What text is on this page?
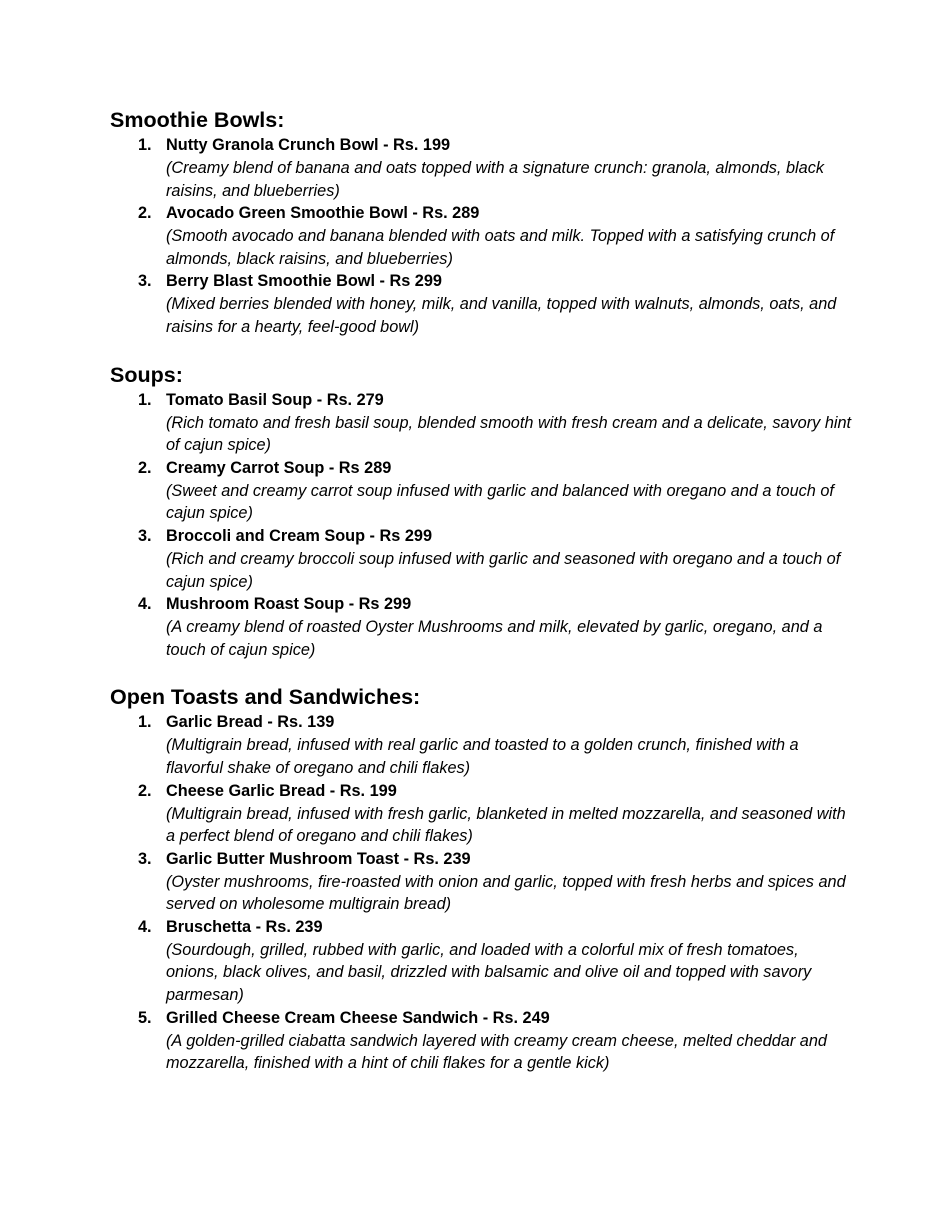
Smoothie Bowls:
1. Nutty Granola Crunch Bowl - Rs. 199
(Creamy blend of banana and oats topped with a signature crunch: granola, almonds, black raisins, and blueberries)
2. Avocado Green Smoothie Bowl - Rs. 289
(Smooth avocado and banana blended with oats and milk. Topped with a satisfying crunch of almonds, black raisins, and blueberries)
3. Berry Blast Smoothie Bowl - Rs 299
(Mixed berries blended with honey, milk, and vanilla, topped with walnuts, almonds, oats, and raisins for a hearty, feel-good bowl)
Soups:
1. Tomato Basil Soup - Rs. 279
(Rich tomato and fresh basil soup, blended smooth with fresh cream and a delicate, savory hint of cajun spice)
2. Creamy Carrot Soup - Rs 289
(Sweet and creamy carrot soup infused with garlic and balanced with oregano and a touch of cajun spice)
3. Broccoli and Cream Soup - Rs 299
(Rich and creamy broccoli soup infused with garlic and seasoned with oregano and a touch of cajun spice)
4. Mushroom Roast Soup - Rs 299
(A creamy blend of roasted Oyster Mushrooms and milk, elevated by garlic, oregano, and a touch of cajun spice)
Open Toasts and Sandwiches:
1. Garlic Bread - Rs. 139
(Multigrain bread, infused with real garlic and toasted to a golden crunch, finished with a flavorful shake of oregano and chili flakes)
2. Cheese Garlic Bread - Rs. 199
(Multigrain bread, infused with fresh garlic, blanketed in melted mozzarella, and seasoned with a perfect blend of oregano and chili flakes)
3. Garlic Butter Mushroom Toast - Rs. 239
(Oyster mushrooms, fire-roasted with onion and garlic, topped with fresh herbs and spices and served on wholesome multigrain bread)
4. Bruschetta - Rs. 239
(Sourdough, grilled, rubbed with garlic, and loaded with a colorful mix of fresh tomatoes, onions, black olives, and basil, drizzled with balsamic and olive oil and topped with savory parmesan)
5. Grilled Cheese Cream Cheese Sandwich - Rs. 249
(A golden-grilled ciabatta sandwich layered with creamy cream cheese, melted cheddar and mozzarella, finished with a hint of chili flakes for a gentle kick)
